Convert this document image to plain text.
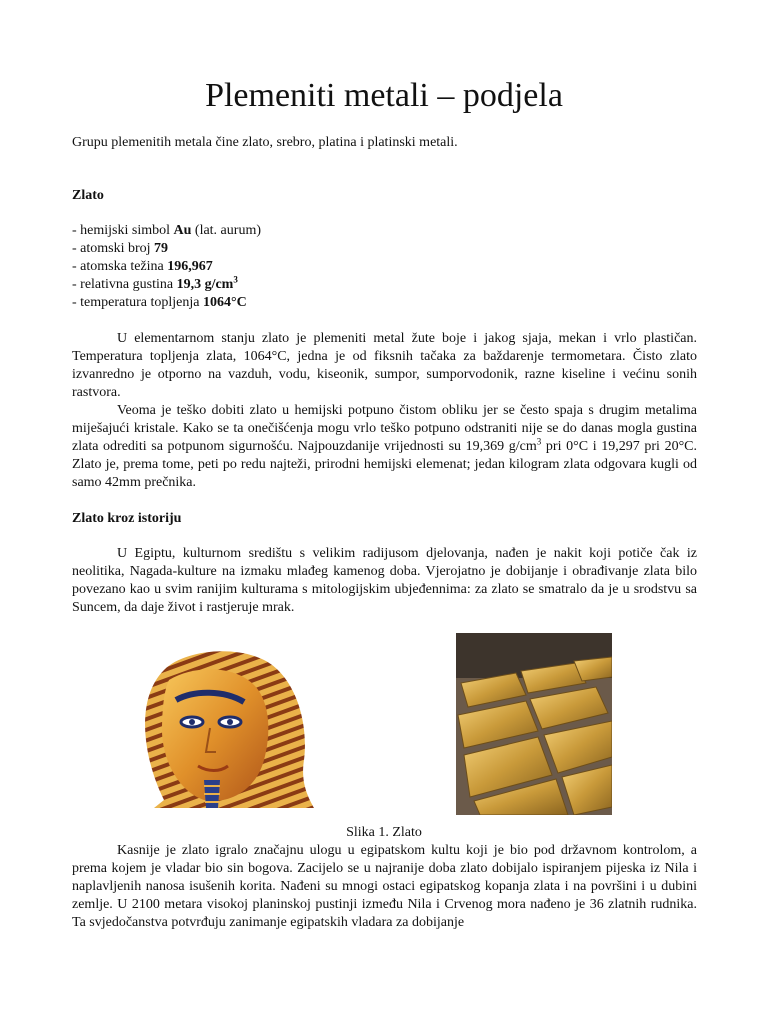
Plemeniti metali – podjela

Grupu plemenitih metala čine zlato, srebro, platina i platinski metali.

Zlato

- hemijski simbol Au (lat. aurum)
- atomski broj 79
- atomska težina 196,967
- relativna gustina 19,3 $g/cm^3$
- temperatura topljenja 1064°C

U elementarnom stanju zlato je plemeniti metal žute boje i jakog sjaja, mekan i vrlo plastičan. Temperatura topljenja zlata, 1064°C, jedna je od fiksnih tačaka za baždarenje termometara. Čisto zlato izvanredno je otporno na vazduh, vodu, kiseonik, sumpor, sumporvodonik, razne kiseline i većinu sonih rastvora.

Veoma je teško dobiti zlato u hemijski potpuno čistom obliku jer se često spaja s drugim metalima miješajući kristale. Kako se ta onečišćenja mogu vrlo teško potpuno odstraniti nije se do danas mogla gustina zlata odrediti sa potpunom sigurnošću. Najpouzdanije vrijednosti su 19,369 $g/cm^3$ pri 0°C i 19,297 pri 20°C. Zlato je, prema tome, peti po redu najteži, prirodni hemijski elemenat; jedan kilogram zlata odgovara kugli od samo 42mm prečnika.

Zlato kroz istoriju

U Egiptu, kulturnom središtu s velikim radijusom djelovanja, nađen je nakit koji potiče čak iz neolitika, Nagada-kulture na izmaku mlađeg kamenog doba. Vjerojatno je dobijanje i obrađivanje zlata bilo povezano kao u svim ranijim kulturama s mitologijskim ubjeđennima: za zlato se smatralo da je u srodstvu sa Suncem, da daje život i rastjeruje mrak.

Slika 1. Zlato

Kasnije je zlato igralo značajnu ulogu u egipatskom kultu koji je bio pod državnom kontrolom, a prema kojem je vladar bio sin bogova. Zacijelo se u najranije doba zlato dobijalo ispiranjem pijeska iz Nila i naplavljenih nanosa isušenih korita. Nađeni su mnogi ostaci egipatskog kopanja zlata i na površini i u dubini zemlje. U 2100 metara visokoj planinskoj pustinji između Nila i Crvenog mora nađeno je 36 zlatnih rudnika. Ta svjedočanstva potvrđuju zanimanje egipatskih vladara za dobijanje
